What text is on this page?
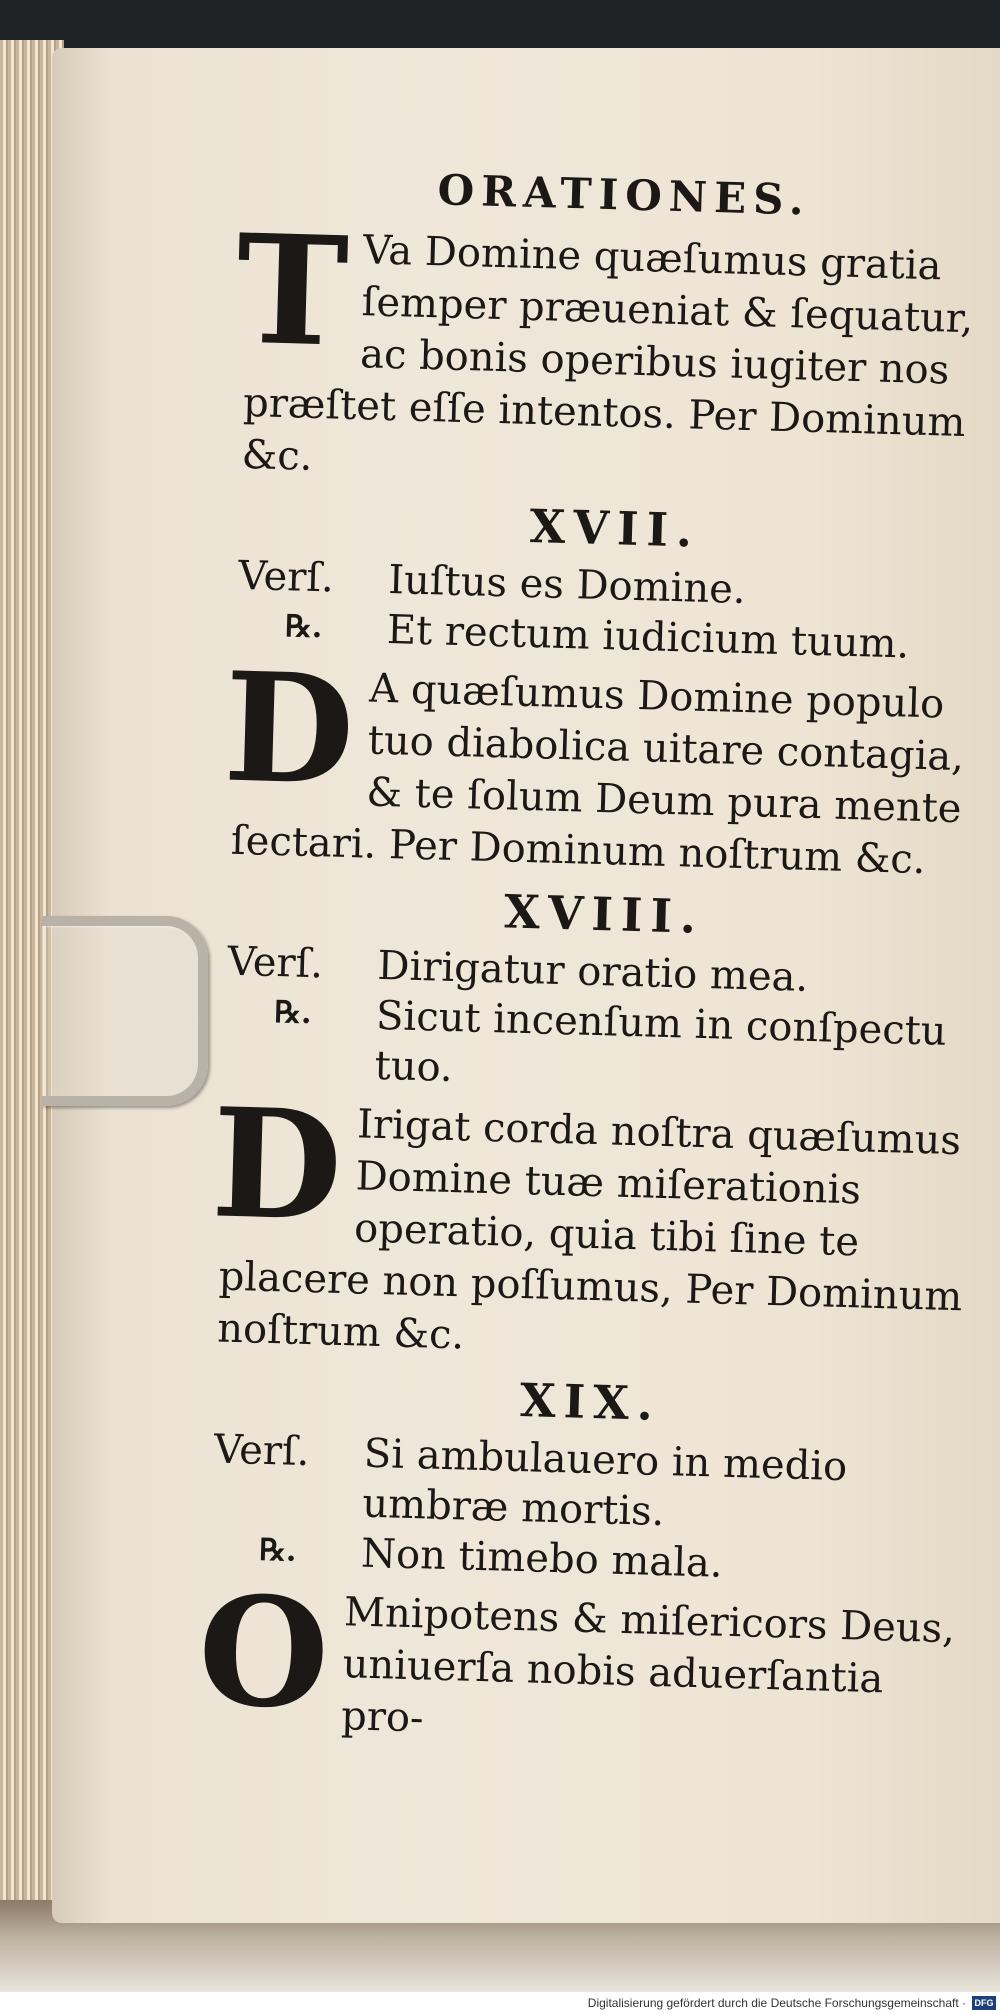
ORATIONES.
T Va Domine quæſumus gratia ſemper præueniat & ſequatur, ac bonis operibus iugiter nos præſtet eſſe intentos. Per Dominum &c.
XVII.
Verſ.	Iuſtus es Domine.
℞.	Et rectum iudicium tuum.
D A quæſumus Domine populo tuo diabolica uitare contagia, & te ſolum Deum pura mente ſectari. Per Dominum noſtrum &c.
XVIII.
Verſ.	Dirigatur oratio mea.
℞.	Sicut incenſum in conſpectu tuo.
D Irigat corda noſtra quæſumus Domine tuæ miſerationis operatio, quia tibi ſine te placere non poſſumus, Per Dominum noſtrum &c.
XIX.
Verſ.	Si ambulauero in medio umbræ mortis.
℞.	Non timebo mala.
O Mnipotens & miſericors Deus, uniuerſa nobis aduerſantia pro-
Digitalisierung gefördert durch die Deutsche Forschungsgemeinschaft · DFG
